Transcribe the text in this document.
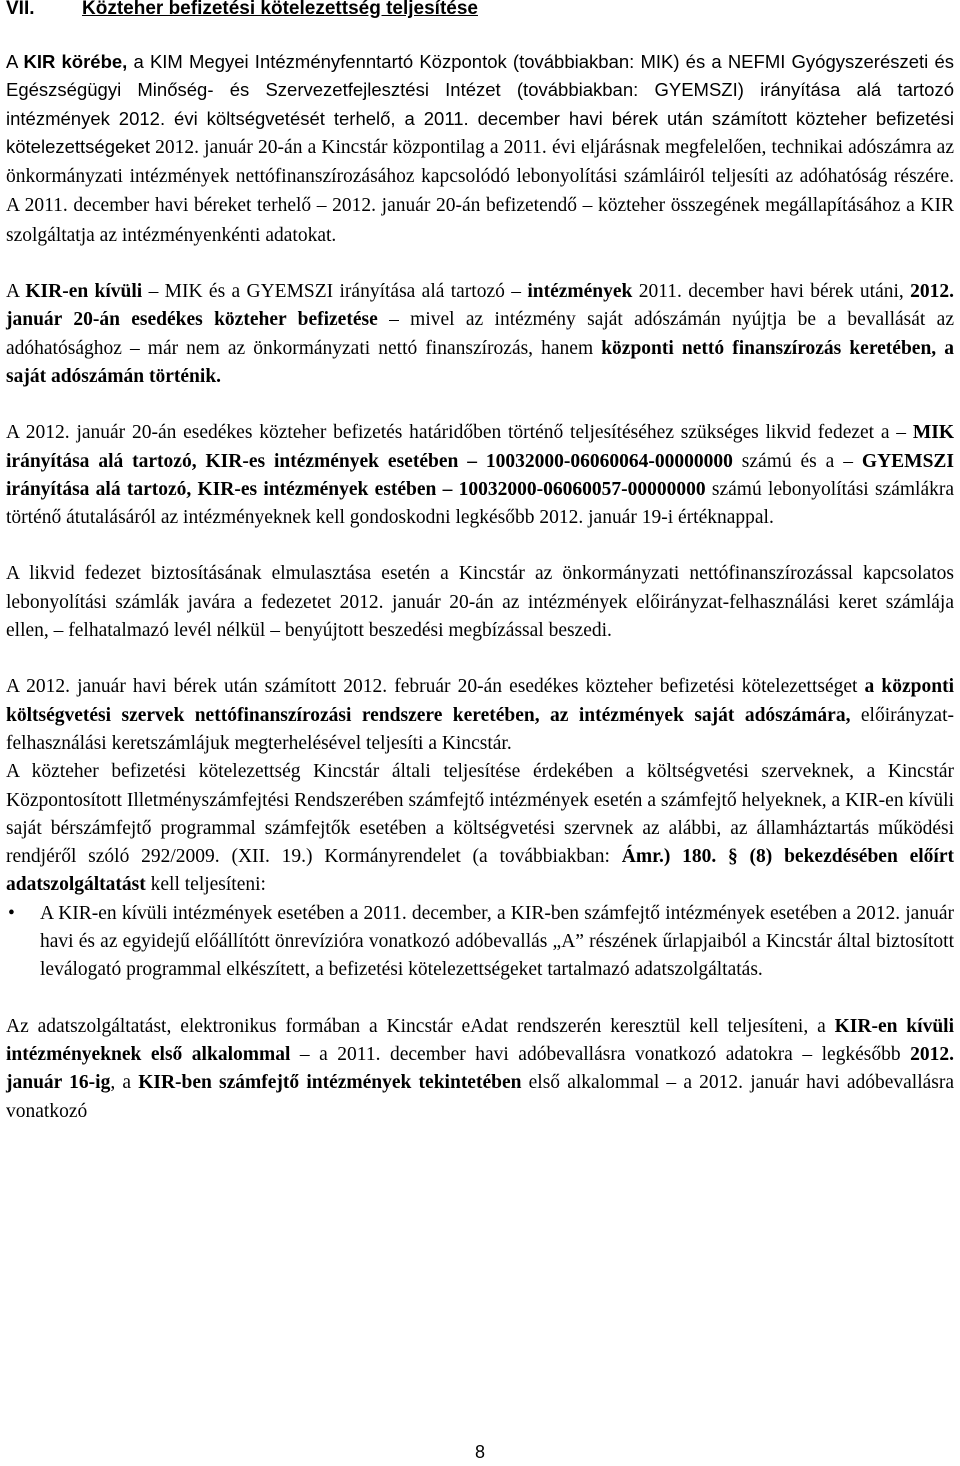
VII. Közteher befizetési kötelezettség teljesítése

A KIR körébe, a KIM Megyei Intézményfenntartó Központok (továbbiakban: MIK) és a NEFMI Gyógyszerészeti és Egészségügyi Minőség- és Szervezetfejlesztési Intézet (továbbiakban: GYEMSZI) irányítása alá tartozó intézmények 2012. évi költségvetését terhelő, a 2011. december havi bérek után számított közteher befizetési kötelezettségeket 2012. január 20-án a Kincstár központilag a 2011. évi eljárásnak megfelelően, technikai adószámra az önkormányzati intézmények nettófinanszírozásához kapcsolódó lebonyolítási számláiról teljesíti az adóhatóság részére. A 2011. december havi béreket terhelő – 2012. január 20-án befizetendő – közteher összegének megállapításához a KIR szolgáltatja az intézményenkénti adatokat.

A KIR-en kívüli – MIK és a GYEMSZI irányítása alá tartozó – intézmények 2011. december havi bérek utáni, 2012. január 20-án esedékes közteher befizetése – mivel az intézmény saját adószámán nyújtja be a bevallását az adóhatósághoz – már nem az önkormányzati nettó finanszírozás, hanem központi nettó finanszírozás keretében, a saját adószámán történik.

A 2012. január 20-án esedékes közteher befizetés határidőben történő teljesítéséhez szükséges likvid fedezet a – MIK irányítása alá tartozó, KIR-es intézmények esetében – 10032000-06060064-00000000 számú és a – GYEMSZI irányítása alá tartozó, KIR-es intézmények estében – 10032000-06060057-00000000 számú lebonyolítási számlákra történő átutalásáról az intézményeknek kell gondoskodni legkésőbb 2012. január 19-i értéknappal.

A likvid fedezet biztosításának elmulasztása esetén a Kincstár az önkormányzati nettófinanszírozással kapcsolatos lebonyolítási számlák javára a fedezetet 2012. január 20-án az intézmények előirányzat-felhasználási keret számlája ellen, – felhatalmazó levél nélkül – benyújtott beszedési megbízással beszedi.

A 2012. január havi bérek után számított 2012. február 20-án esedékes közteher befizetési kötelezettséget a központi költségvetési szervek nettófinanszírozási rendszere keretében, az intézmények saját adószámára, előirányzat-felhasználási keretszámlájuk megterhelésével teljesíti a Kincstár.

A közteher befizetési kötelezettség Kincstár általi teljesítése érdekében a költségvetési szerveknek, a Kincstár Központosított Illetményszámfejtési Rendszerében számfejtő intézmények esetén a számfejtő helyeknek, a KIR-en kívüli saját bérszámfejtő programmal számfejtők esetében a költségvetési szervnek az alábbi, az államháztartás működési rendjéről szóló 292/2009. (XII. 19.) Kormányrendelet (a továbbiakban: Ámr.) 180. § (8) bekezdésében előírt adatszolgáltatást kell teljesíteni:

• A KIR-en kívüli intézmények esetében a 2011. december, a KIR-ben számfejtő intézmények esetében a 2012. január havi és az egyidejű előállítótt önrevízióra vonatkozó adóbevallás „A” részének űrlapjaiból a Kincstár által biztosított leválogató programmal elkészített, a befizetési kötelezettségeket tartalmazó adatszolgáltatás.

Az adatszolgáltatást, elektronikus formában a Kincstár eAdat rendszerén keresztül kell teljesíteni, a KIR-en kívüli intézményeknek első alkalommal – a 2011. december havi adóbevallásra vonatkozó adatokra – legkésőbb 2012. január 16-ig, a KIR-ben számfejtő intézmények tekintetében első alkalommal – a 2012. január havi adóbevallásra vonatkozó

8
